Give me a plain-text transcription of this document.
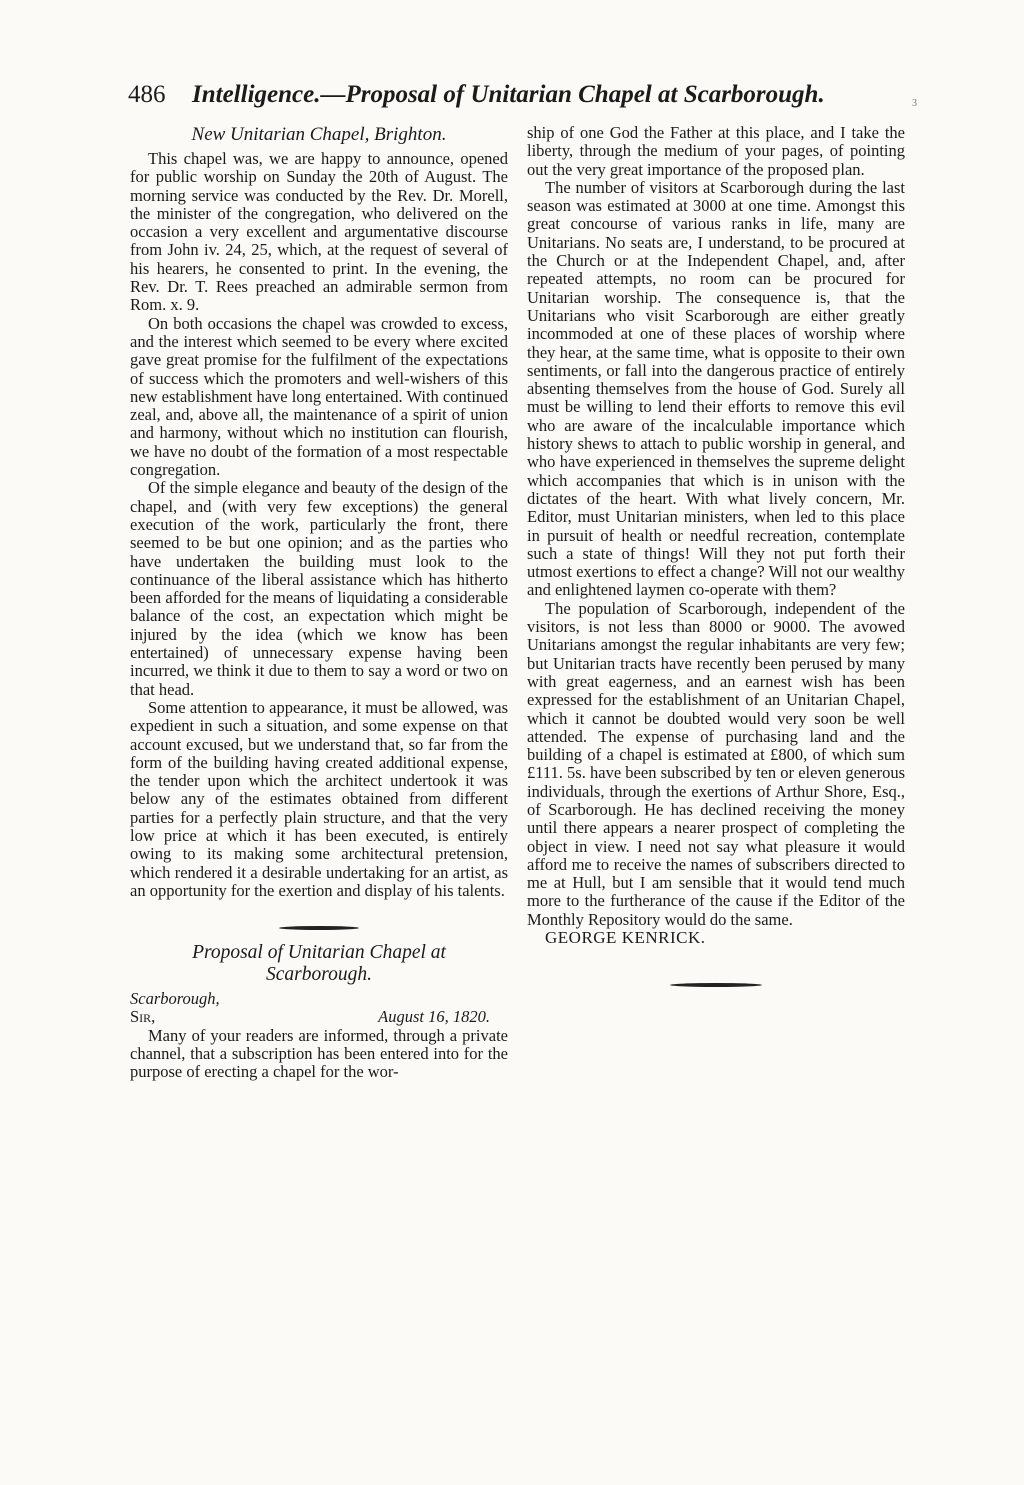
486 Intelligence.—Proposal of Unitarian Chapel at Scarborough.	3
New Unitarian Chapel, Brighton.

This chapel was, we are happy to announce, opened for public worship on Sunday the 20th of August. The morning service was conducted by the Rev. Dr. Morell, the minister of the congregation, who delivered on the occasion a very excellent and argumentative discourse from John iv. 24, 25, which, at the request of several of his hearers, he consented to print. In the evening, the Rev. Dr. T. Rees preached an admirable sermon from Rom. x. 9.

On both occasions the chapel was crowded to excess, and the interest which seemed to be every where excited gave great promise for the fulfilment of the expectations of success which the promoters and well-wishers of this new establishment have long entertained. With continued zeal, and, above all, the maintenance of a spirit of union and harmony, without which no institution can flourish, we have no doubt of the formation of a most respectable congregation.

Of the simple elegance and beauty of the design of the chapel, and (with very few exceptions) the general execution of the work, particularly the front, there seemed to be but one opinion; and as the parties who have undertaken the building must look to the continuance of the liberal assistance which has hitherto been afforded for the means of liquidating a considerable balance of the cost, an expectation which might be injured by the idea (which we know has been entertained) of unnecessary expense having been incurred, we think it due to them to say a word or two on that head.

Some attention to appearance, it must be allowed, was expedient in such a situation, and some expense on that account excused, but we understand that, so far from the form of the building having created additional expense, the tender upon which the architect undertook it was below any of the estimates obtained from different parties for a perfectly plain structure, and that the very low price at which it has been executed, is entirely owing to its making some architectural pretension, which rendered it a desirable undertaking for an artist, as an opportunity for the exertion and display of his talents.

Proposal of Unitarian Chapel at
Scarborough.

Scarborough,

Sir,	August 16, 1820.

Many of your readers are informed, through a private channel, that a subscription has been entered into for the purpose of erecting a chapel for the wor-

ship of one God the Father at this place, and I take the liberty, through the medium of your pages, of pointing out the very great importance of the proposed plan.

The number of visitors at Scarborough during the last season was estimated at 3000 at one time. Amongst this great concourse of various ranks in life, many are Unitarians. No seats are, I understand, to be procured at the Church or at the Independent Chapel, and, after repeated attempts, no room can be procured for Unitarian worship. The consequence is, that the Unitarians who visit Scarborough are either greatly incommoded at one of these places of worship where they hear, at the same time, what is opposite to their own sentiments, or fall into the dangerous practice of entirely absenting themselves from the house of God. Surely all must be willing to lend their efforts to remove this evil who are aware of the incalculable importance which history shews to attach to public worship in general, and who have experienced in themselves the supreme delight which accompanies that which is in unison with the dictates of the heart. With what lively concern, Mr. Editor, must Unitarian ministers, when led to this place in pursuit of health or needful recreation, contemplate such a state of things! Will they not put forth their utmost exertions to effect a change? Will not our wealthy and enlightened laymen co-operate with them?

The population of Scarborough, independent of the visitors, is not less than 8000 or 9000. The avowed Unitarians amongst the regular inhabitants are very few; but Unitarian tracts have recently been perused by many with great eagerness, and an earnest wish has been expressed for the establishment of an Unitarian Chapel, which it cannot be doubted would very soon be well attended. The expense of purchasing land and the building of a chapel is estimated at £800, of which sum £111. 5s. have been subscribed by ten or eleven generous individuals, through the exertions of Arthur Shore, Esq., of Scarborough. He has declined receiving the money until there appears a nearer prospect of completing the object in view. I need not say what pleasure it would afford me to receive the names of subscribers directed to me at Hull, but I am sensible that it would tend much more to the furtherance of the cause if the Editor of the Monthly Repository would do the same.

GEORGE KENRICK.
